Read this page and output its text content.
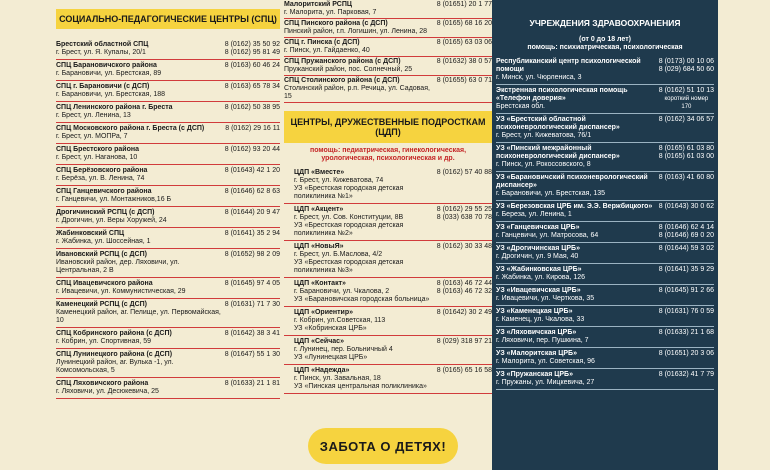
СОЦИАЛЬНО-ПЕДАГОГИЧЕСКИЕ ЦЕНТРЫ (СПЦ)
Брестский областной СПЦ
г. Брест, ул. Я. Купалы, 20/1
8 (0162) 35 50 92
8 (0162) 95 81 49
СПЦ Барановичского района
г. Барановичи, ул. Брестская, 89
8 (0163) 60 46 24
СПЦ г. Барановичи (с ДСП)
г. Барановичи, ул. Брестская, 188
8 (0163) 65 78 34
СПЦ Ленинского района г. Бреста
г. Брест, ул. Ленина, 13
8 (0162) 50 38 95
СПЦ Московского района г. Бреста (с ДСП)
г. Брест, ул. МОПРа, 7
8 (0162) 29 16 11
СПЦ Брестского района
г. Брест, ул. Наганова, 10
8 (0162) 93 20 44
СПЦ Берёзовского района
г. Берёза, ул. В. Ленина, 74
8 (01643) 42 1 20
СПЦ Ганцевичского района
г. Ганцевичи, ул. Монтажников,16 Б
8 (01646) 62 8 63
Дрогичинский РСПЦ (с ДСП)
г. Дрогичин, ул. Веры Хоружей, 24
8 (01644) 20 9 47
Жабинковский СПЦ
г. Жабинка, ул. Шоссейная, 1
8 (01641) 35 2 94
Ивановский РСПЦ (с ДСП)
Ивановский район, дер. Ляховичи, ул. Центральная, 2 В
8 (01652) 98 2 09
СПЦ Ивацевичского района
г. Ивацевичи, ул. Коммунистическая, 29
8 (01645) 97 4 05
Каменецкий РСПЦ (с ДСП)
Каменецкий район, аг. Пелище, ул. Первомайская, 10
8 (01631) 71 7 30
СПЦ Кобринского района (с ДСП)
г. Кобрин, ул. Спортивная, 59
8 (01642) 38 3 41
СПЦ Лунинецкого района (с ДСП)
Лунинецкий район, аг. Вулька -1, ул. Комсомольская, 5
8 (01647) 55 1 30
СПЦ Ляховичского района
г. Ляховичи, ул. Десюкевича, 25
8 (01633) 21 1 81
Малоритский РСПЦ
г. Малорита, ул. Парковая, 7
8 (01651) 20 1 77
СПЦ Пинского района (с ДСП)
Пинский район, г.п. Логишин, ул. Ленина, 28
8 (0165) 68 16 20
СПЦ г. Пинска (с ДСП)
г. Пинск, ул. Гайдаенко, 40
8 (0165) 63 03 06
СПЦ Пружанского района (с ДСП)
Пружанский район, пос. Солнечный, 25
8 (01632) 38 0 57
СПЦ Столинского района (с ДСП)
Столинский район, р.п. Речица, ул. Садовая, 15
8 (01655) 63 0 71
ЦЕНТРЫ, ДРУЖЕСТВЕННЫЕ ПОДРОСТКАМ (ЦДП)
помощь: педиатрическая, гинекологическая, урологическая, психологическая и др.
ЦДП «Вместе»
г. Брест, ул. Кижеватова, 74
УЗ «Брестская городская детская поликлиника №1»
8 (0162) 57 40 88
ЦДП «Акцент»
г. Брест, ул. Сов. Конституции, 8В
УЗ «Брестская городская детская поликлиника №2»
8 (0162) 29 55 25
8 (033) 638 70 78
ЦДП «НовыЯ»
г. Брест, ул. Б.Маслова, 4/2
УЗ «Брестская городская детская поликлиника №3»
8 (0162) 30 33 48
ЦДП «Контакт»
г. Барановичи, ул. Чкалова, 2
УЗ «Барановичская городская больница»
8 (0163) 46 72 44
8 (0163) 46 72 32
ЦДП «Ориентир»
г. Кобрин, ул.Советская, 113
УЗ «Кобринская ЦРБ»
8 (01642) 30 2 49
ЦДП «Сейчас»
г. Лунинец, пер. Больничный 4
УЗ «Лунинецкая ЦРБ»
8 (029) 318 97 21
ЦДП «Надежда»
г. Пинск, ул. Завальная, 18
УЗ «Пинская центральная поликлиника»
8 (0165) 65 16 58
УЧРЕЖДЕНИЯ ЗДРАВООХРАНЕНИЯ
(от 0 до 18 лет)
помощь: психиатрическая, психологическая
Республиканский центр психологической помощи
г. Минск, ул. Чюрлениса, 3
8 (0173) 00 10 06
8 (029) 684 50 60
Экстренная психологическая помощь «Телефон доверия»
Брестская обл.
8 (0162) 51 10 13
короткий номер
170
УЗ «Брестский областной психоневрологический диспансер»
г. Брест, ул. Кижеватова, 76/1
8 (0162) 34 06 57
УЗ «Пинский межрайонный психоневрологический диспансер»
г. Пинск, ул. Рокоссовского, 8
8 (0165) 61 03 80
8 (0165) 61 03 00
УЗ «Барановичский психоневрологический диспансер»
г. Барановичи, ул. Брестская, 135
8 (0163) 41 60 80
УЗ «Березовская ЦРБ им. Э.Э. Вержбицкого»
г. Береза, ул. Ленина, 1
8 (01643) 30 0 62
УЗ «Ганцевичская ЦРБ»
г. Ганцевичи, ул. Матросова, 64
8 (01646) 62 4 14
8 (01646) 69 0 20
УЗ «Дрогичинская ЦРБ»
г. Дрогичин, ул. 9 Мая, 40
8 (01644) 59 3 02
УЗ «Жабинковская ЦРБ»
г. Жабинка, ул. Кирова, 126
8 (01641) 35 9 29
УЗ «Ивацевичская ЦРБ»
г. Ивацевичи, ул. Черткова, 35
8 (01645) 91 2 66
УЗ «Каменецкая ЦРБ»
г. Каменец, ул. Чкалова, 33
8 (01631) 76 0 59
УЗ «Ляховичская ЦРБ»
г. Ляховичи, пер. Пушкина, 7
8 (01633) 21 1 68
УЗ «Малоритская ЦРБ»
г. Малорита, ул. Советская, 96
8 (01651) 20 3 06
УЗ «Пружанская ЦРБ»
г. Пружаны, ул. Мицкевича, 27
8 (01632) 41 7 79
ЗАБОТА О ДЕТЯХ!
